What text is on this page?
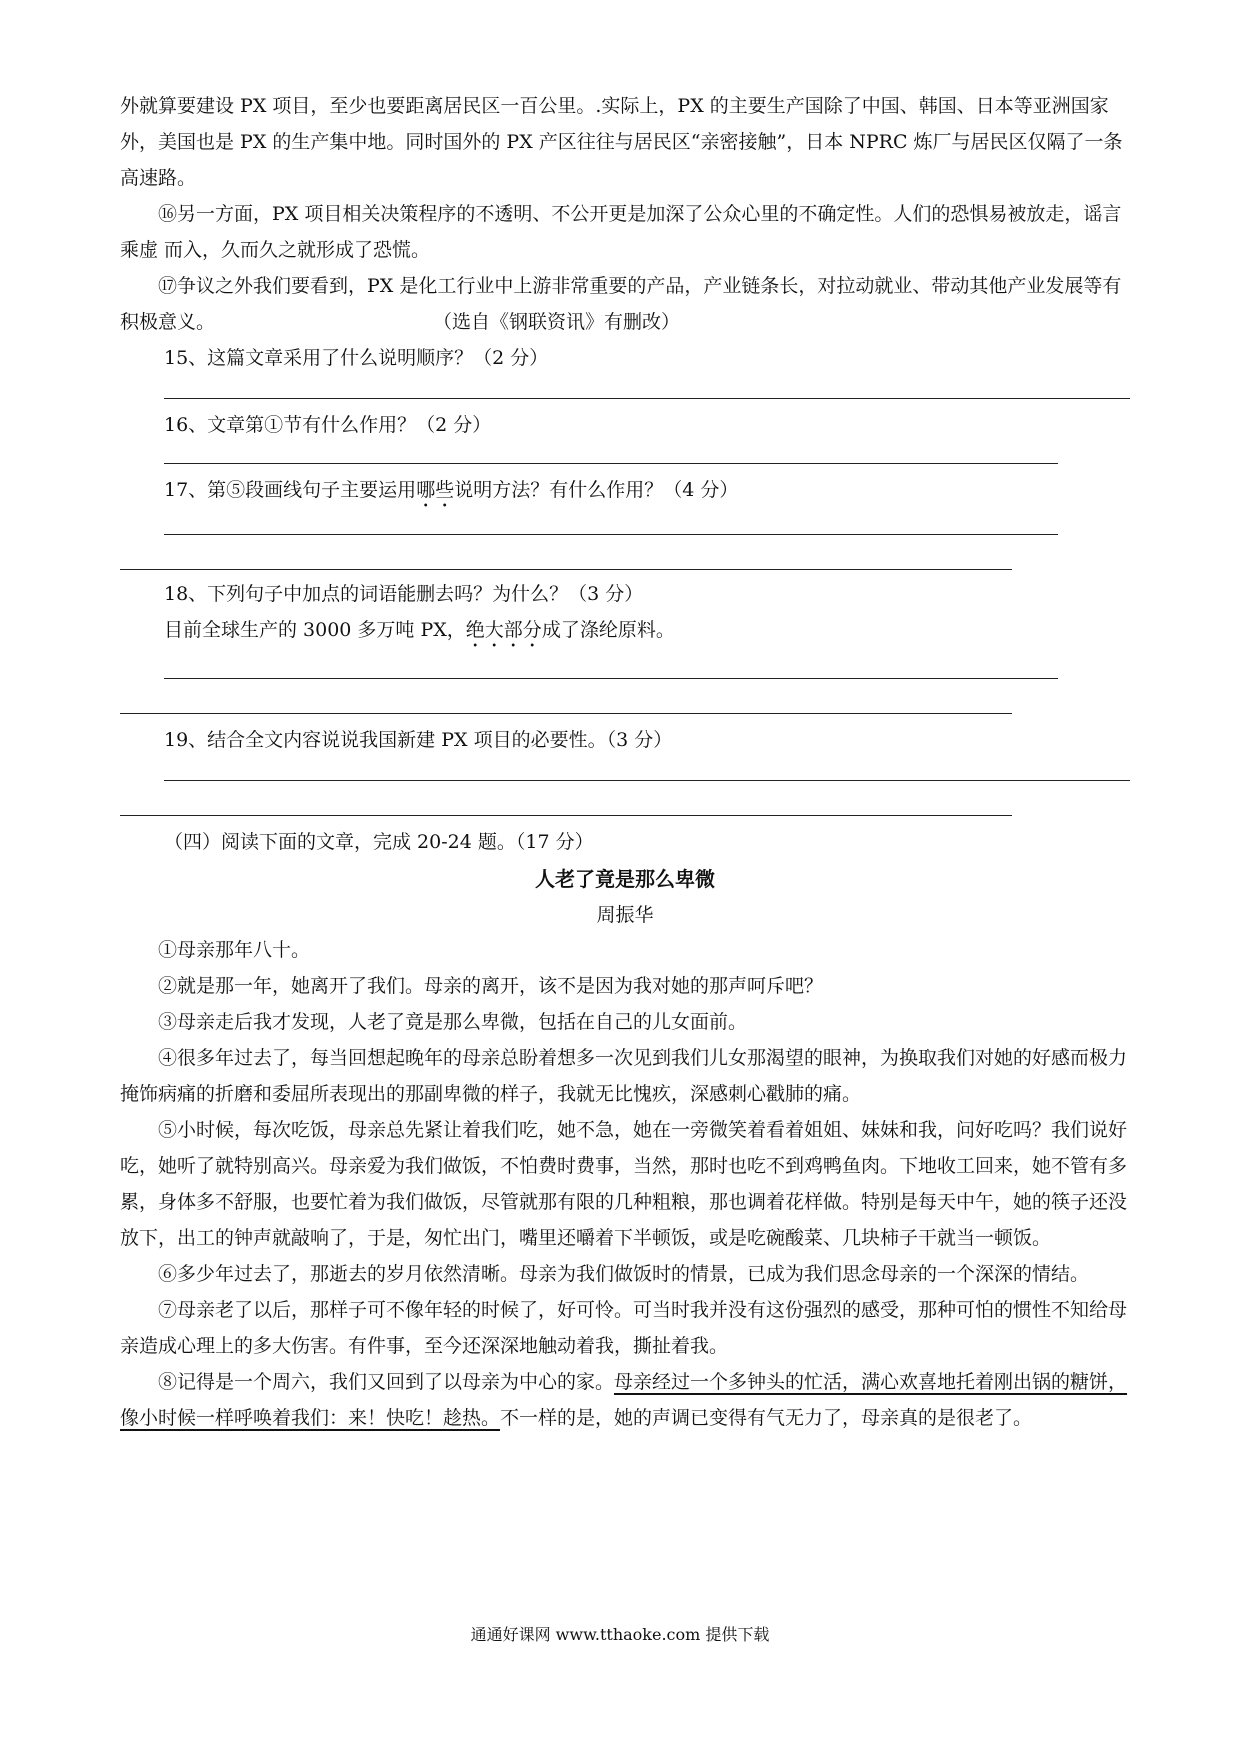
外就算要建设 PX 项目，至少也要距离居民区一百公里。.实际上，PX 的主要生产国除了中国、韩国、日本等亚洲国家外，美国也是 PX 的生产集中地。同时国外的 PX 产区往往与居民区“亲密接触”，日本 NPRC 炼厂与居民区仅隔了一条高速路。

⑯另一方面，PX 项目相关决策程序的不透明、不公开更是加深了公众心里的不确定性。人们的恐惧易被放走，谣言乘虚 而入，久而久之就形成了恐慌。

⑰争议之外我们要看到，PX 是化工行业中上游非常重要的产品，产业链条长，对拉动就业、带动其他产业发展等有积极意义。	（选自《钢联资讯》有删改）

15、这篇文章采用了什么说明顺序？（2 分）

16、文章第①节有什么作用？（2 分）

17、第⑤段画线句子主要运用哪些说明方法？有什么作用？（4 分）

18、下列句子中加点的词语能删去吗？为什么？（3 分）

目前全球生产的 3000 多万吨 PX，绝大部分成了涤纶原料。

19、结合全文内容说说我国新建 PX 项目的必要性。（3 分）

（四）阅读下面的文章，完成 20-24 题。（17 分）

人老了竟是那么卑微

周振华

①母亲那年八十。

②就是那一年，她离开了我们。母亲的离开，该不是因为我对她的那声呵斥吧？

③母亲走后我才发现，人老了竟是那么卑微，包括在自己的儿女面前。

④很多年过去了，每当回想起晚年的母亲总盼着想多一次见到我们儿女那渴望的眼神，为换取我们对她的好感而极力掩饰病痛的折磨和委屈所表现出的那副卑微的样子，我就无比愧疚，深感刺心戳肺的痛。

⑤小时候，每次吃饭，母亲总先紧让着我们吃，她不急，她在一旁微笑着看着姐姐、妹妹和我，问好吃吗？我们说好吃，她听了就特别高兴。母亲爱为我们做饭，不怕费时费事，当然，那时也吃不到鸡鸭鱼肉。下地收工回来，她不管有多累，身体多不舒服，也要忙着为我们做饭，尽管就那有限的几种粗粮，那也调着花样做。特别是每天中午，她的筷子还没放下，出工的钟声就敲响了，于是，匆忙出门，嘴里还嚼着下半顿饭，或是吃碗酸菜、几块柿子干就当一顿饭。

⑥多少年过去了，那逝去的岁月依然清晰。母亲为我们做饭时的情景，已成为我们思念母亲的一个深深的情结。

⑦母亲老了以后，那样子可不像年轻的时候了，好可怜。可当时我并没有这份强烈的感受，那种可怕的惯性不知给母亲造成心理上的多大伤害。有件事，至今还深深地触动着我，撕扯着我。

⑧记得是一个周六，我们又回到了以母亲为中心的家。母亲经过一个多钟头的忙活，满心欢喜地托着刚出锅的糖饼，像小时候一样呼唤着我们：来！快吃！趁热。不一样的是，她的声调已变得有气无力了，母亲真的是很老了。

通通好课网 www.tthaoke.com 提供下载
